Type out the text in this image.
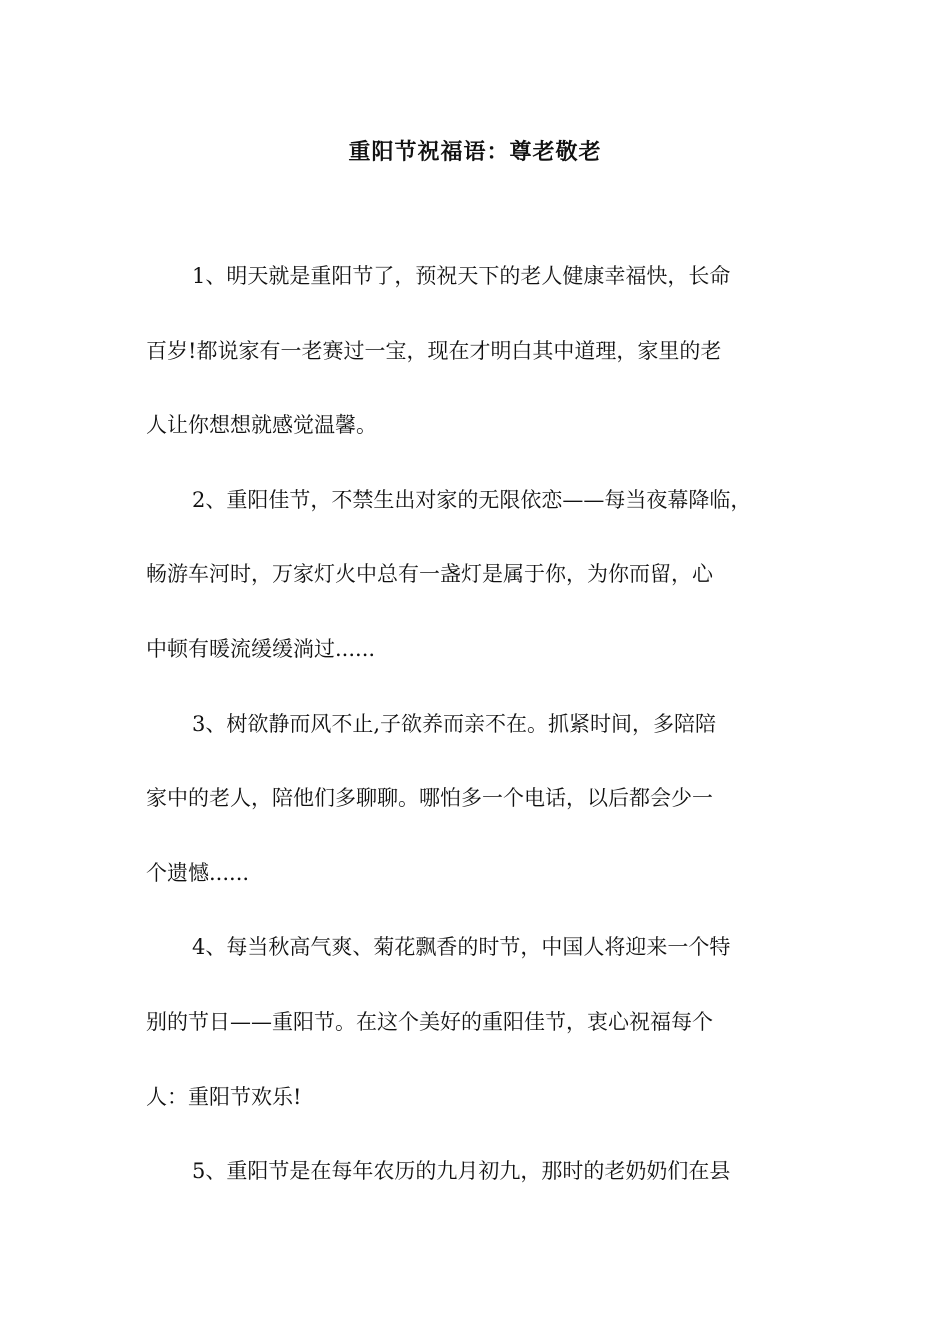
重阳节祝福语：尊老敬老

1、明天就是重阳节了，预祝天下的老人健康幸福快，长命
百岁!都说家有一老赛过一宝，现在才明白其中道理，家里的老
人让你想想就感觉温馨。

2、重阳佳节，不禁生出对家的无限依恋——每当夜幕降临，
畅游车河时，万家灯火中总有一盏灯是属于你，为你而留，心
中顿有暖流缓缓淌过......

3、树欲静而风不止,子欲养而亲不在。抓紧时间，多陪陪
家中的老人，陪他们多聊聊。哪怕多一个电话，以后都会少一
个遗憾......

4、每当秋高气爽、菊花飘香的时节，中国人将迎来一个特
别的节日——重阳节。在这个美好的重阳佳节，衷心祝福每个
人：重阳节欢乐!

5、重阳节是在每年农历的九月初九，那时的老奶奶们在县
